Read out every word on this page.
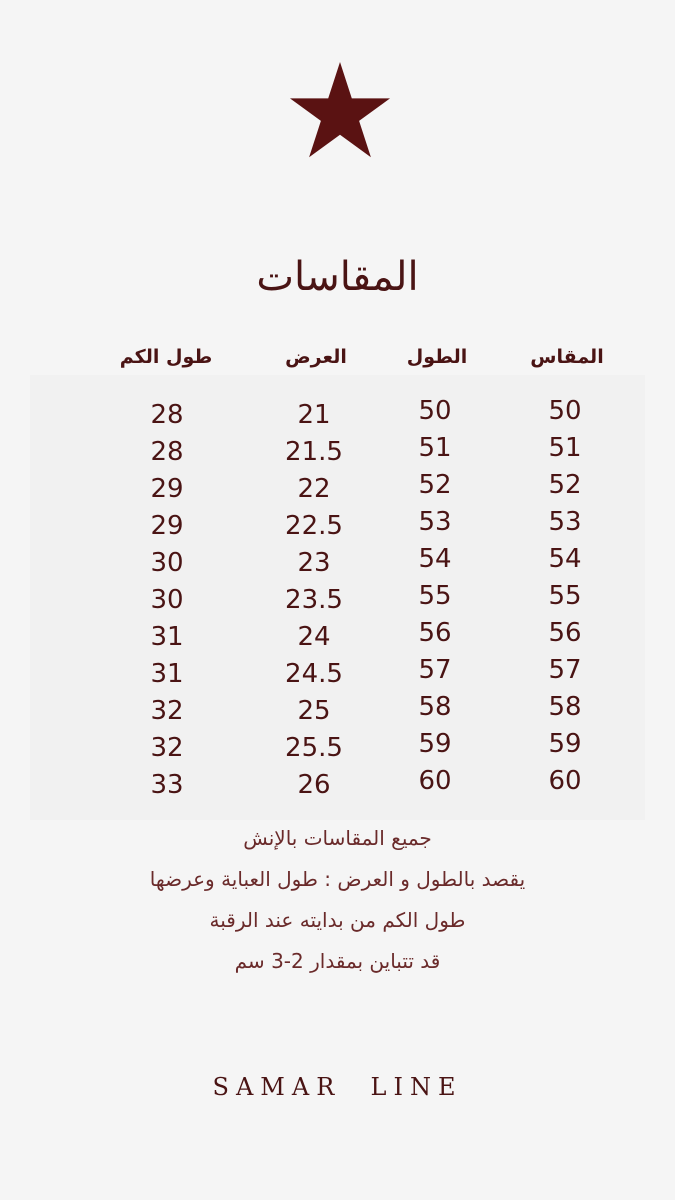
المقاسات
المقاس
الطول
العرض
طول الكم
50
51
52
53
54
55
56
57
58
59
60
50
51
52
53
54
55
56
57
58
59
60
21
21.5
22
22.5
23
23.5
24
24.5
25
25.5
26
28
28
29
29
30
30
31
31
32
32
33
جميع المقاسات بالإنش
يقصد بالطول و العرض : طول العباية وعرضها
طول الكم من بدايته عند الرقبة
قد تتباين بمقدار 2-3 سم
SAMAR  LINE
